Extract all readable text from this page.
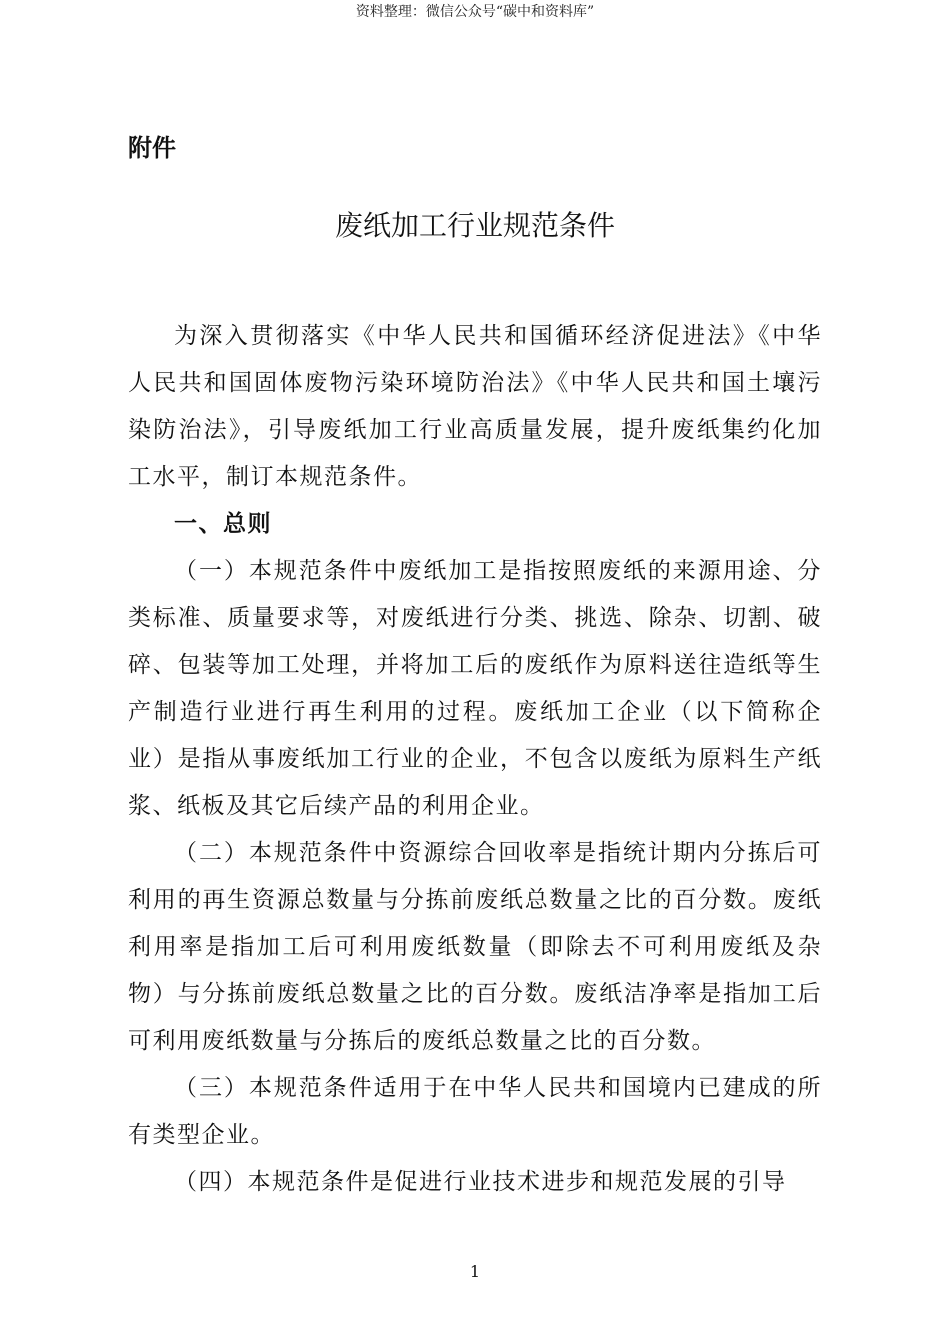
资料整理：微信公众号“碳中和资料库”
附件
废纸加工行业规范条件

为深入贯彻落实《中华人民共和国循环经济促进法》《中华人民共和国固体废物污染环境防治法》《中华人民共和国土壤污染防治法》，引导废纸加工行业高质量发展，提升废纸集约化加工水平，制订本规范条件。

一、总则

（一）本规范条件中废纸加工是指按照废纸的来源用途、分类标准、质量要求等，对废纸进行分类、挑选、除杂、切割、破碎、包装等加工处理，并将加工后的废纸作为原料送往造纸等生产制造行业进行再生利用的过程。废纸加工企业（以下简称企业）是指从事废纸加工行业的企业，不包含以废纸为原料生产纸浆、纸板及其它后续产品的利用企业。

（二）本规范条件中资源综合回收率是指统计期内分拣后可利用的再生资源总数量与分拣前废纸总数量之比的百分数。废纸利用率是指加工后可利用废纸数量（即除去不可利用废纸及杂物）与分拣前废纸总数量之比的百分数。废纸洁净率是指加工后可利用废纸数量与分拣后的废纸总数量之比的百分数。

（三）本规范条件适用于在中华人民共和国境内已建成的所有类型企业。

（四）本规范条件是促进行业技术进步和规范发展的引导

1
